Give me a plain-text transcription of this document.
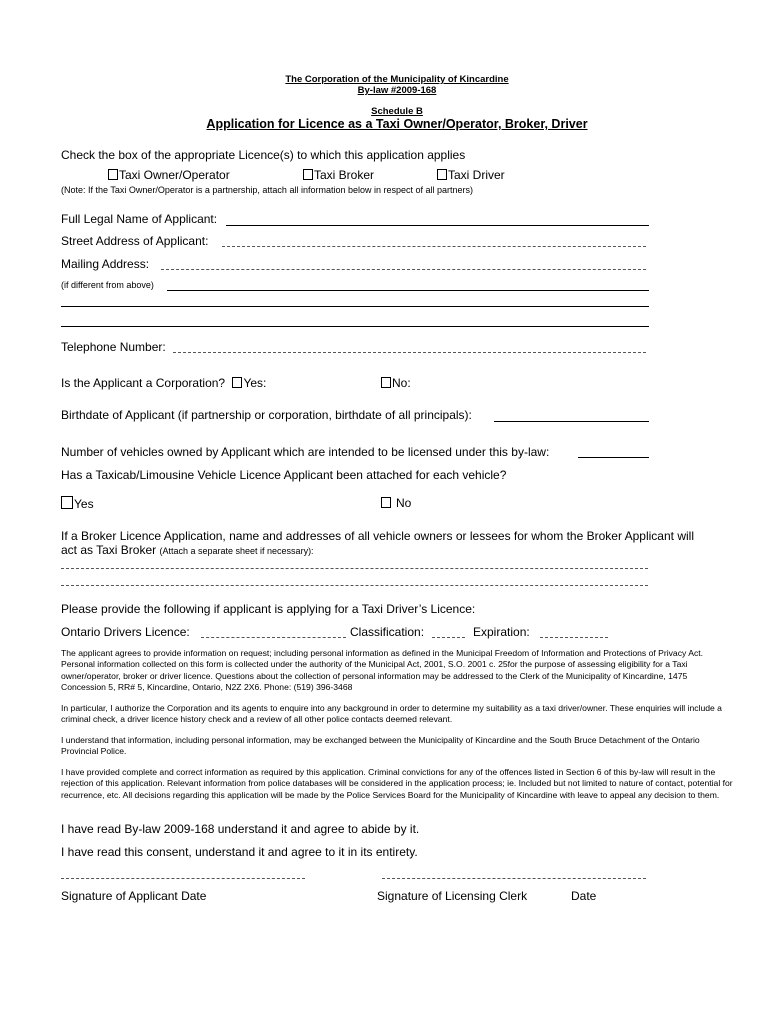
The Corporation of the Municipality of Kincardine
By-law #2009-168
Schedule B
Application for Licence as a Taxi Owner/Operator, Broker, Driver
Check the box of the appropriate Licence(s) to which this application applies
Taxi Owner/Operator	Taxi Broker	Taxi Driver
(Note: If the Taxi Owner/Operator is a partnership, attach all information below in respect of all partners)
Full Legal Name of Applicant:
Street Address of Applicant:
Mailing Address:
(if different from above)
Telephone Number:
Is the Applicant a Corporation? Yes:	No:
Birthdate of Applicant (if partnership or corporation, birthdate of all principals):
Number of vehicles owned by Applicant which are intended to be licensed under this by-law:
Has a Taxicab/Limousine Vehicle Licence Applicant been attached for each vehicle?
Yes	No
If a Broker Licence Application, name and addresses of all vehicle owners or lessees for whom the Broker Applicant will
act as Taxi Broker (Attach a separate sheet if necessary):
Please provide the following if applicant is applying for a Taxi Driver’s Licence:
Ontario Drivers Licence:	Classification:	Expiration:
The applicant agrees to provide information on request; including personal information as defined in the Municipal Freedom of Information and Protections of Privacy Act. Personal information collected on this form is collected under the authority of the Municipal Act, 2001, S.O. 2001 c. 25for the purpose of assessing eligibility for a Taxi owner/operator, broker or driver licence. Questions about the collection of personal information may be addressed to the Clerk of the Municipality of Kincardine, 1475 Concession 5, RR# 5, Kincardine, Ontario, N2Z 2X6. Phone: (519) 396-3468
In particular, I authorize the Corporation and its agents to enquire into any background in order to determine my suitability as a taxi driver/owner. These enquiries will include a criminal check, a driver licence history check and a review of all other police contacts deemed relevant.
I understand that information, including personal information, may be exchanged between the Municipality of Kincardine and the South Bruce Detachment of the Ontario Provincial Police.
I have provided complete and correct information as required by this application. Criminal convictions for any of the offences listed in Section 6 of this by-law will result in the rejection of this application. Relevant information from police databases will be considered in the application process; ie. Included but not limited to nature of contact, potential for recurrence, etc. All decisions regarding this application will be made by the Police Services Board for the Municipality of Kincardine with leave to appeal any decision to them.
I have read By-law 2009-168 understand it and agree to abide by it.
I have read this consent, understand it and agree to it in its entirety.
Signature of Applicant Date	Signature of Licensing Clerk	Date
